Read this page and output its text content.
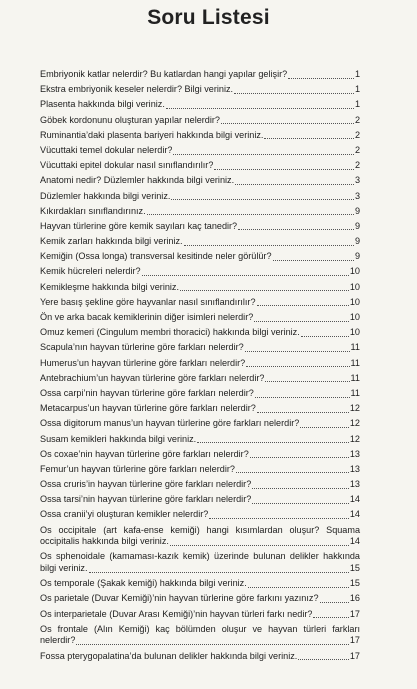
Soru Listesi
Embriyonik katlar nelerdir? Bu katlardan hangi yapılar gelişir?	1
Ekstra embriyonik keseler nelerdir? Bilgi veriniz.	1
Plasenta hakkında bilgi veriniz.	1
Göbek kordonunu oluşturan yapılar nelerdir?	2
Ruminantia’daki plasenta bariyeri hakkında bilgi veriniz.	2
Vücuttaki temel dokular nelerdir?	2
Vücuttaki epitel dokular nasıl sınıflandırılır?	2
Anatomi nedir? Düzlemler hakkında bilgi veriniz.	3
Düzlemler hakkında bilgi veriniz.	3
Kıkırdakları sınıflandırınız.	9
Hayvan türlerine göre kemik sayıları kaç tanedir?	9
Kemik zarları hakkında bilgi veriniz.	9
Kemiğin (Ossa longa) transversal kesitinde neler görülür?	9
Kemik hücreleri nelerdir?	10
Kemikleşme hakkında bilgi veriniz.	10
Yere basış şekline göre hayvanlar nasıl sınıflandırılır?	10
Ön ve arka bacak kemiklerinin diğer isimleri nelerdir?	10
Omuz kemeri (Cingulum membri thoracici) hakkında bilgi veriniz.	10
Scapula’nın hayvan türlerine göre farkları nelerdir?	11
Humerus’un hayvan türlerine göre farkları nelerdir?	11
Antebrachium’un hayvan türlerine göre farkları nelerdir?	11
Ossa carpi’nin hayvan türlerine göre farkları nelerdir?	11
Metacarpus’un hayvan türlerine göre farkları nelerdir?	12
Ossa digitorum manus’un hayvan türlerine göre farkları nelerdir?	12
Susam kemikleri hakkında bilgi veriniz.	12
Os coxae’nin hayvan türlerine göre farkları nelerdir?	13
Femur’un hayvan türlerine göre farkları nelerdir?	13
Ossa cruris’in hayvan türlerine göre farkları nelerdir?	13
Ossa tarsi’nin hayvan türlerine göre farkları nelerdir?	14
Ossa cranii’yi oluşturan kemikler nelerdir?	14
Os occipitale (art kafa-ense kemiği) hangi kısımlardan oluşur? Squama
occipitalis hakkında bilgi veriniz.	14
Os sphenoidale (kamaması-kazık kemik) üzerinde bulunan delikler hakkında
bilgi veriniz.	15
Os temporale (Şakak kemiği) hakkında bilgi veriniz.	15
Os parietale (Duvar Kemiği)’nin hayvan türlerine göre farkını yazınız?	16
Os interparietale (Duvar Arası Kemiği)’nin hayvan türleri farkı nedir?	17
Os frontale (Alın Kemiği) kaç bölümden oluşur ve hayvan türleri farkları
nelerdir?	17
Fossa pterygopalatina’da bulunan delikler hakkında bilgi veriniz.	17
